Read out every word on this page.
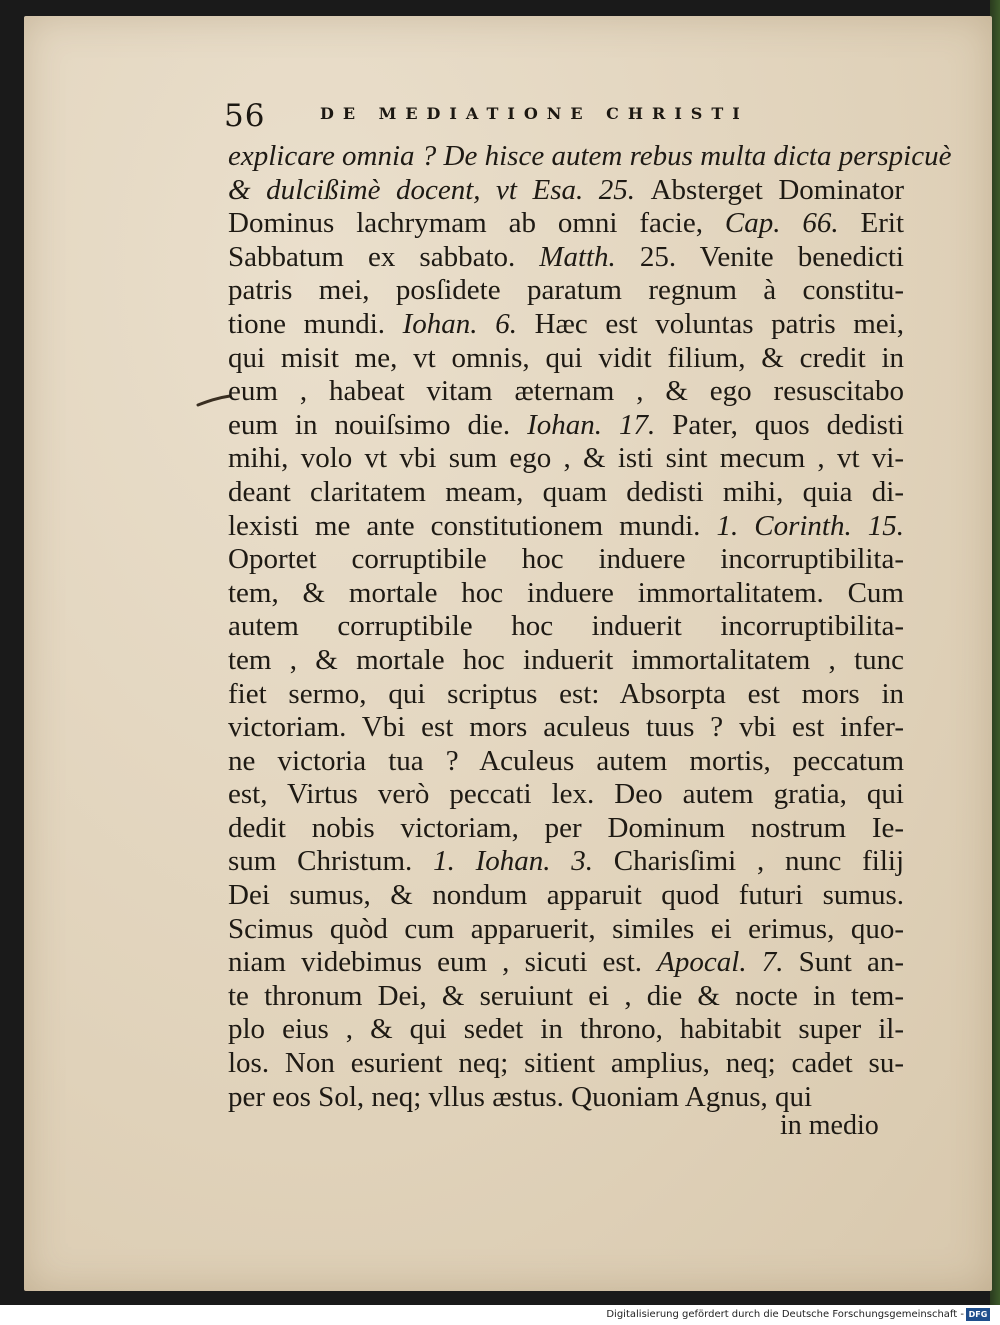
56	DE MEDIATIONE CHRISTI
explicare omnia ? De hisce autem rebus multa dicta perspicuè
& dulcißimè docent, vt Esa. 25. Absterget Dominator
Dominus lachrymam ab omni facie, Cap. 66. Erit
Sabbatum ex sabbato. Matth. 25. Venite benedicti
patris mei, posſidete paratum regnum à constitu-
tione mundi. Iohan. 6. Hæc est voluntas patris mei,
qui misit me, vt omnis, qui vidit filium, & credit in
eum , habeat vitam æternam , & ego resuscitabo
eum in nouiſsimo die. Iohan. 17. Pater, quos dedisti
mihi, volo vt vbi sum ego , & isti sint mecum , vt vi-
deant claritatem meam, quam dedisti mihi, quia di-
lexisti me ante constitutionem mundi. 1. Corinth. 15.
Oportet corruptibile hoc induere incorruptibilita-
tem, & mortale hoc induere immortalitatem. Cum
autem corruptibile hoc induerit incorruptibilita-
tem , & mortale hoc induerit immortalitatem , tunc
fiet sermo, qui scriptus est: Absorpta est mors in
victoriam. Vbi est mors aculeus tuus ? vbi est infer-
ne victoria tua ? Aculeus autem mortis, peccatum
est, Virtus verò peccati lex. Deo autem gratia, qui
dedit nobis victoriam, per Dominum nostrum Ie-
sum Christum. 1. Iohan. 3. Charisſimi , nunc filij
Dei sumus, & nondum apparuit quod futuri sumus.
Scimus quòd cum apparuerit, similes ei erimus, quo-
niam videbimus eum , sicuti est. Apocal. 7. Sunt an-
te thronum Dei, & seruiunt ei , die & nocte in tem-
plo eius , & qui sedet in throno, habitabit super il-
los. Non esurient neq; sitient amplius, neq; cadet su-
per eos Sol, neq; vllus æstus. Quoniam Agnus, qui
in medio
Digitalisierung gefördert durch die Deutsche Forschungsgemeinschaft - DFG
